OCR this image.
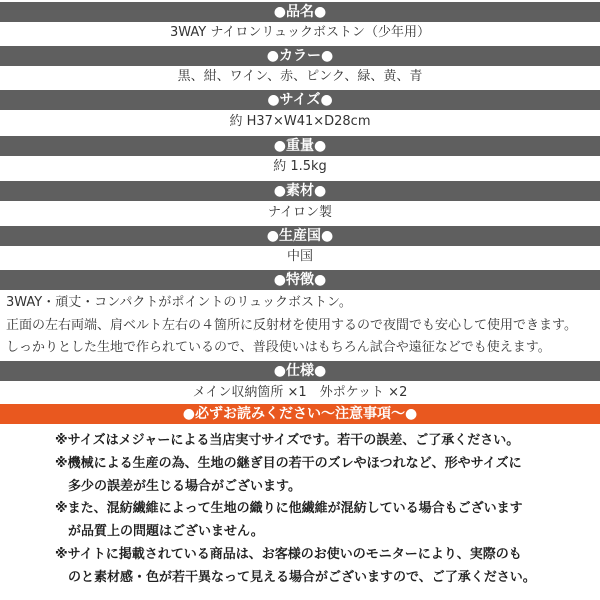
●品名●
3WAY ナイロンリュックボストン（少年用）
●カラー●
黒、紺、ワイン、赤、ピンク、緑、黄、青
●サイズ●
約 H37×W41×D28cm
●重量●
約 1.5kg
●素材●
ナイロン製
●生産国●
中国
●特徴●
3WAY・頑丈・コンパクトがポイントのリュックボストン。
正面の左右両端、肩ベルト左右の４箇所に反射材を使用するので夜間でも安心して使用できます。
しっかりとした生地で作られているので、普段使いはもちろん試合や遠征などでも使えます。
●仕様●
メイン収納箇所 ×1　外ポケット ×2
●必ずお読みください〜注意事項〜●
※サイズはメジャーによる当店実寸サイズです。若干の誤差、ご了承ください。
※機械による生産の為、生地の継ぎ目の若干のズレやほつれなど、形やサイズに
　多少の誤差が生じる場合がございます。
※また、混紡繊維によって生地の織りに他繊維が混紡している場合もございます
　が品質上の問題はございません。
※サイトに掲載されている商品は、お客様のお使いのモニターにより、実際のも
　のと素材感・色が若干異なって見える場合がございますので、ご了承ください。
